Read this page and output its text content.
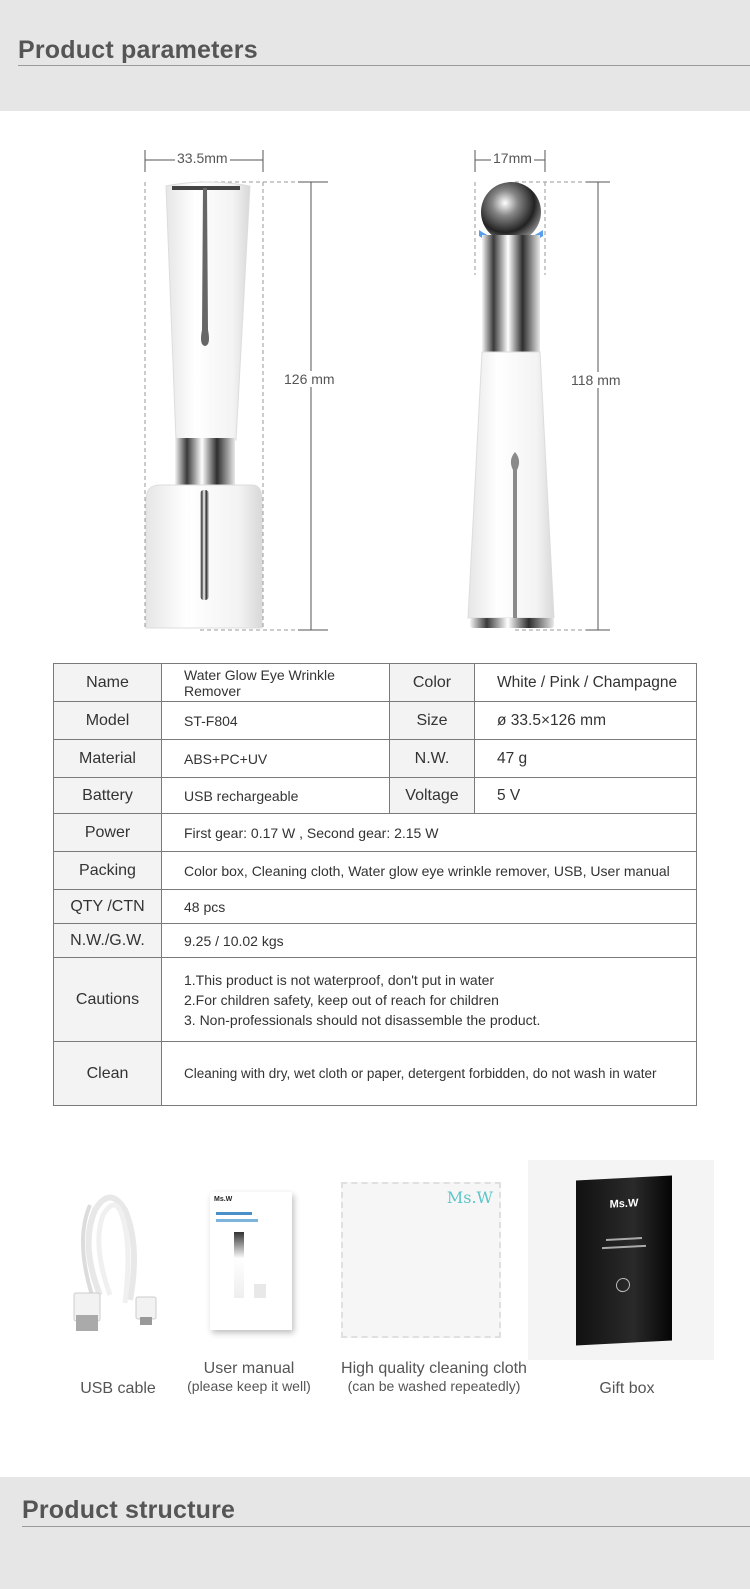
Product parameters
33.5mm
126 mm
17mm
118 mm
Name	Water Glow Eye Wrinkle Remover	Color	White / Pink / Champagne
Model	ST-F804	Size	ø 33.5×126 mm
Material	ABS+PC+UV	N.W.	47 g
Battery	USB rechargeable	Voltage	5 V
Power	First gear: 0.17 W , Second gear: 2.15 W		
Packing	Color box, Cleaning cloth, Water glow eye wrinkle remover, USB, User manual		
QTY /CTN	48 pcs		
N.W./G.W.	9.25 / 10.02 kgs		
Cautions	1.This product is not waterproof, don't put in water
2.For children safety, keep out of reach for children
3. Non-professionals should not disassemble the product.		

Clean	Cleaning with dry, wet cloth or paper, detergent forbidden, do not wash in water		
Ms.W	Ms.W	Ms.W
USB cable
User manual
(please keep it well)
High quality cleaning cloth
(can be washed repeatedly)	Gift box
Product structure
